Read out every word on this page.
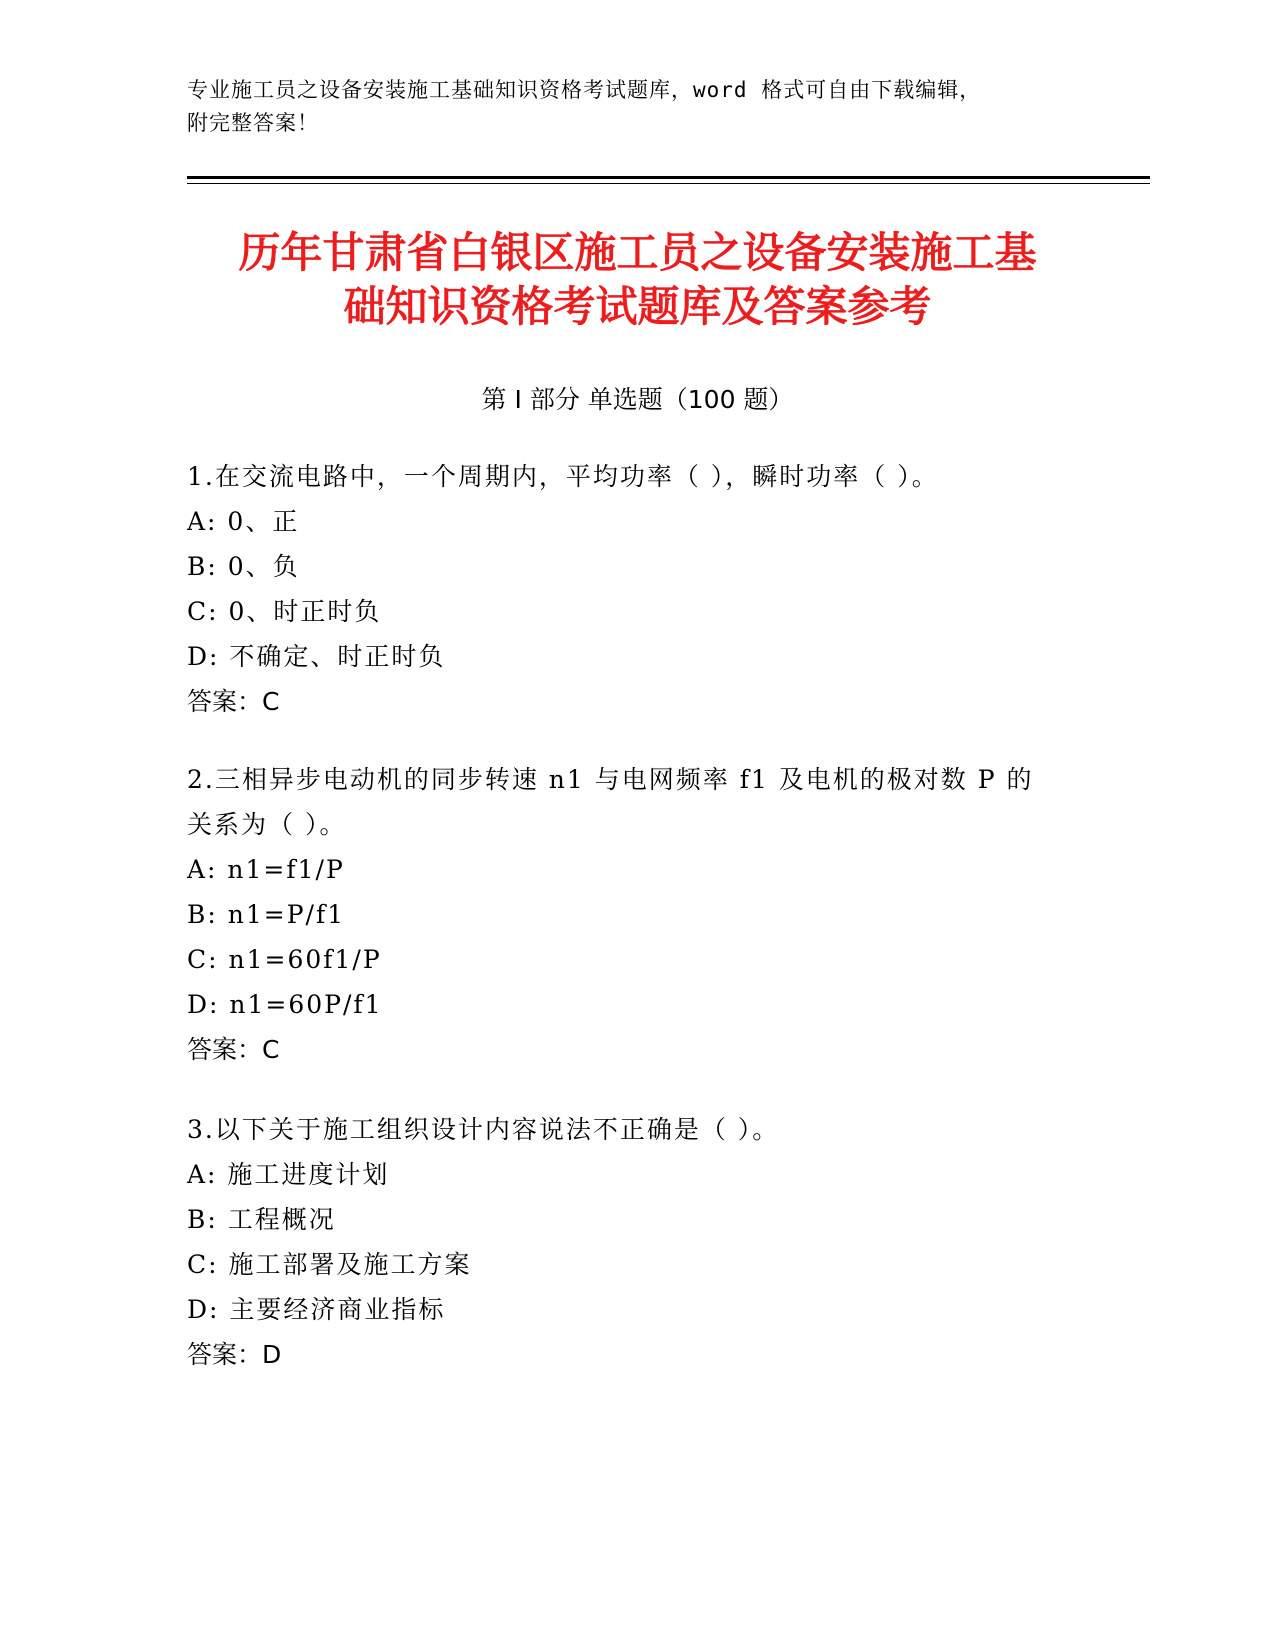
专业施工员之设备安装施工基础知识资格考试题库，word 格式可自由下载编辑，
附完整答案！
历年甘肃省白银区施工员之设备安装施工基
础知识资格考试题库及答案参考
第 I 部分 单选题（100 题）
1.在交流电路中，一个周期内，平均功率（ ），瞬时功率（ ）。
A: 0、正
B: 0、负
C: 0、时正时负
D: 不确定、时正时负
答案：C
2.三相异步电动机的同步转速 n1 与电网频率 f1 及电机的极对数 P 的
关系为（ ）。
A: n1=f1/P
B: n1=P/f1
C: n1=60f1/P
D: n1=60P/f1
答案：C
3.以下关于施工组织设计内容说法不正确是（ ）。
A: 施工进度计划
B: 工程概况
C: 施工部署及施工方案
D: 主要经济商业指标
答案：D
